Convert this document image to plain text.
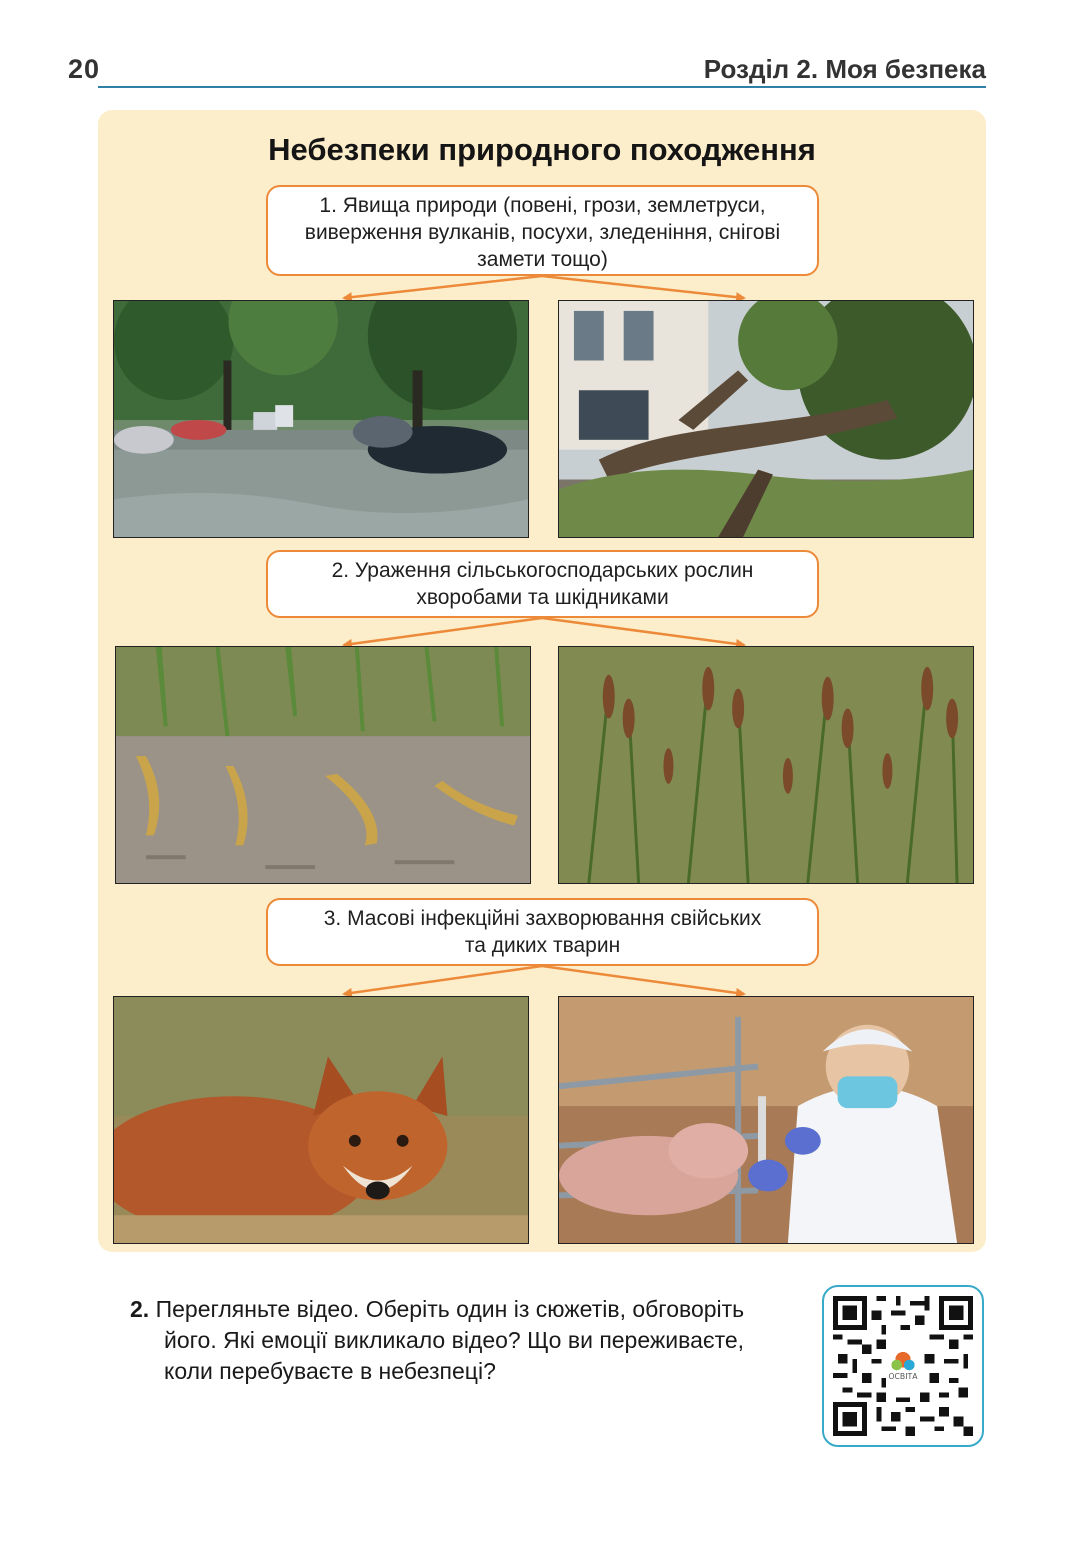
20	Розділ 2. Моя безпека
Небезпеки природного походження
1. Явища природи (повені, грози, землетруси,
виверження вулканів, посухи, зледеніння, снігові
замети тощо)
2. Ураження сільськогосподарських рослин
хворобами та шкідниками
3. Масові інфекційні захворювання свійських
та диких тварин
2. Перегляньте відео. Оберіть один із сюжетів, обговоріть
його. Які емоції викликало відео? Що ви переживаєте,
коли перебуваєте в небезпеці?	ОСВІТА
